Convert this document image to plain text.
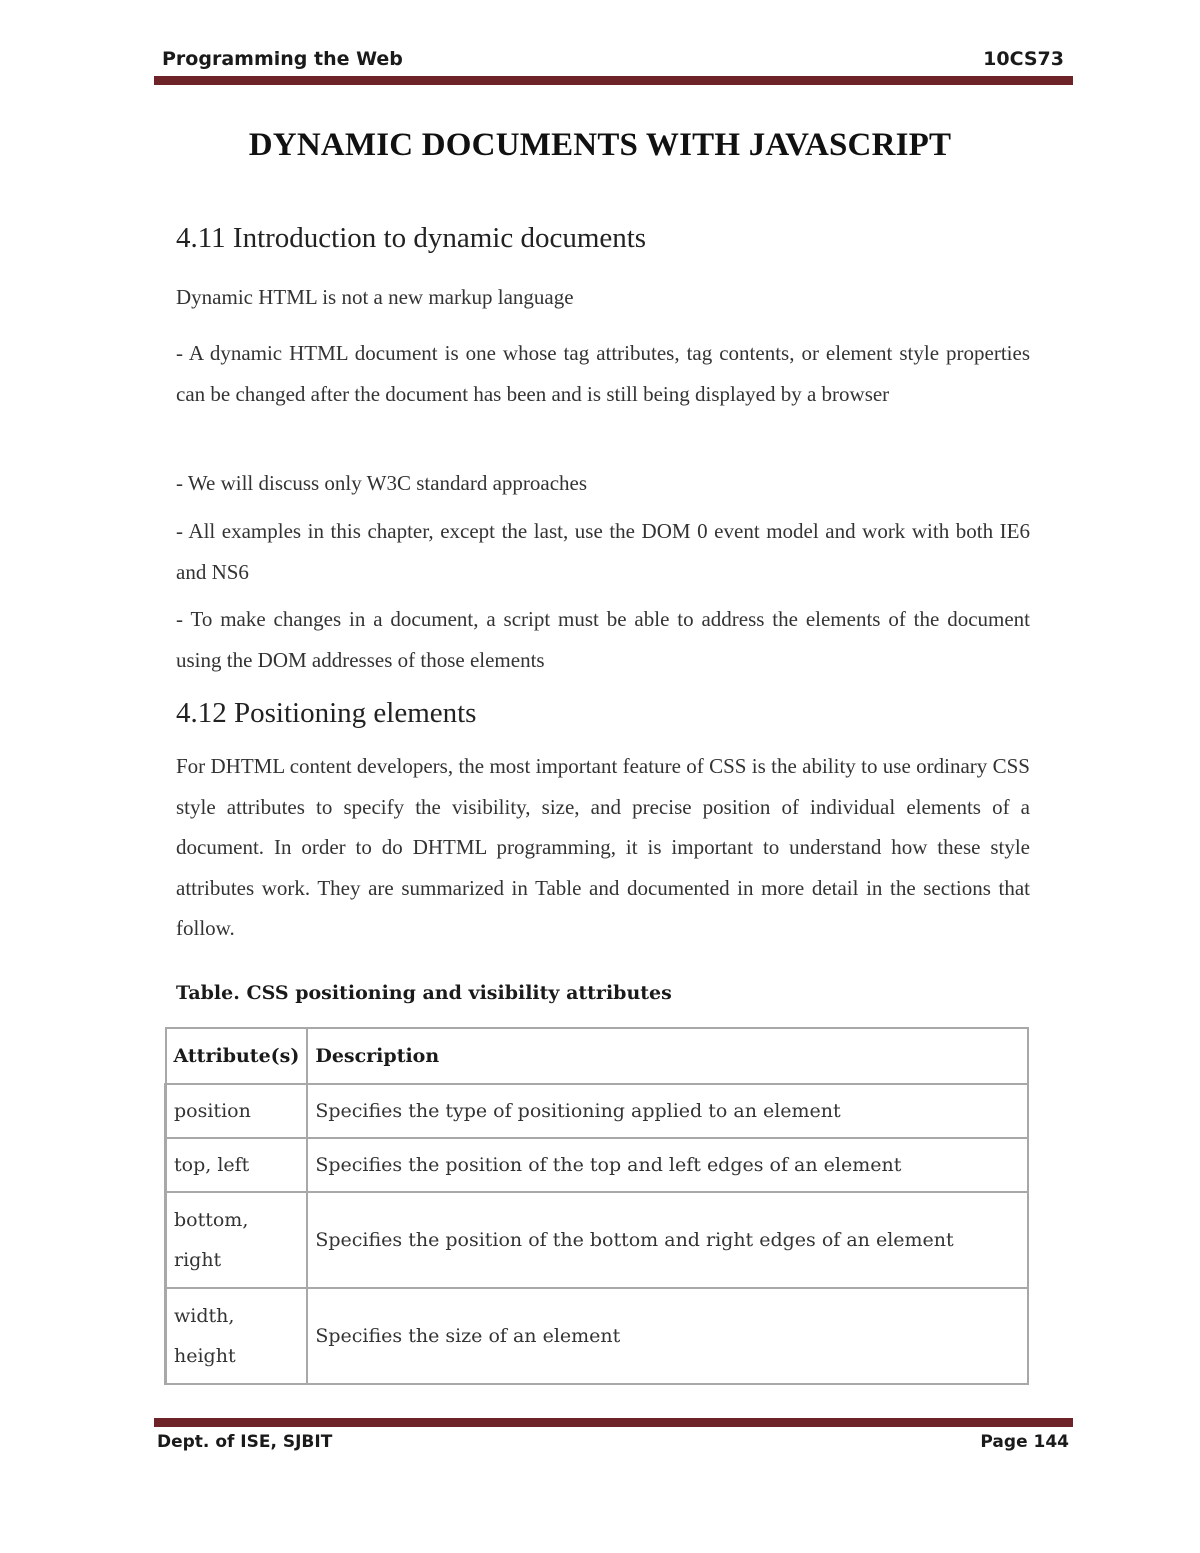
Programming the Web	10CS73
DYNAMIC DOCUMENTS WITH JAVASCRIPT
4.11 Introduction to dynamic documents
Dynamic HTML is not a new markup language
- A dynamic HTML document is one whose tag attributes, tag contents, or element style properties can be changed after the document has been and is still being displayed by a browser
- We will discuss only W3C standard approaches
- All examples in this chapter, except the last, use the DOM 0 event model and work with both IE6 and NS6
- To make changes in a document, a script must be able to address the elements of the document using the DOM addresses of those elements
4.12 Positioning elements
For DHTML content developers, the most important feature of CSS is the ability to use ordinary CSS style attributes to specify the visibility, size, and precise position of individual elements of a document. In order to do DHTML programming, it is important to understand how these style attributes work. They are summarized in Table and documented in more detail in the sections that follow.
Table. CSS positioning and visibility attributes
Attribute(s)	Description
position	Specifies the type of positioning applied to an element
top, left	Specifies the position of the top and left edges of an element
bottom,
right	Specifies the position of the bottom and right edges of an element
width,
height	Specifies the size of an element
Dept. of ISE, SJBIT	Page 144
